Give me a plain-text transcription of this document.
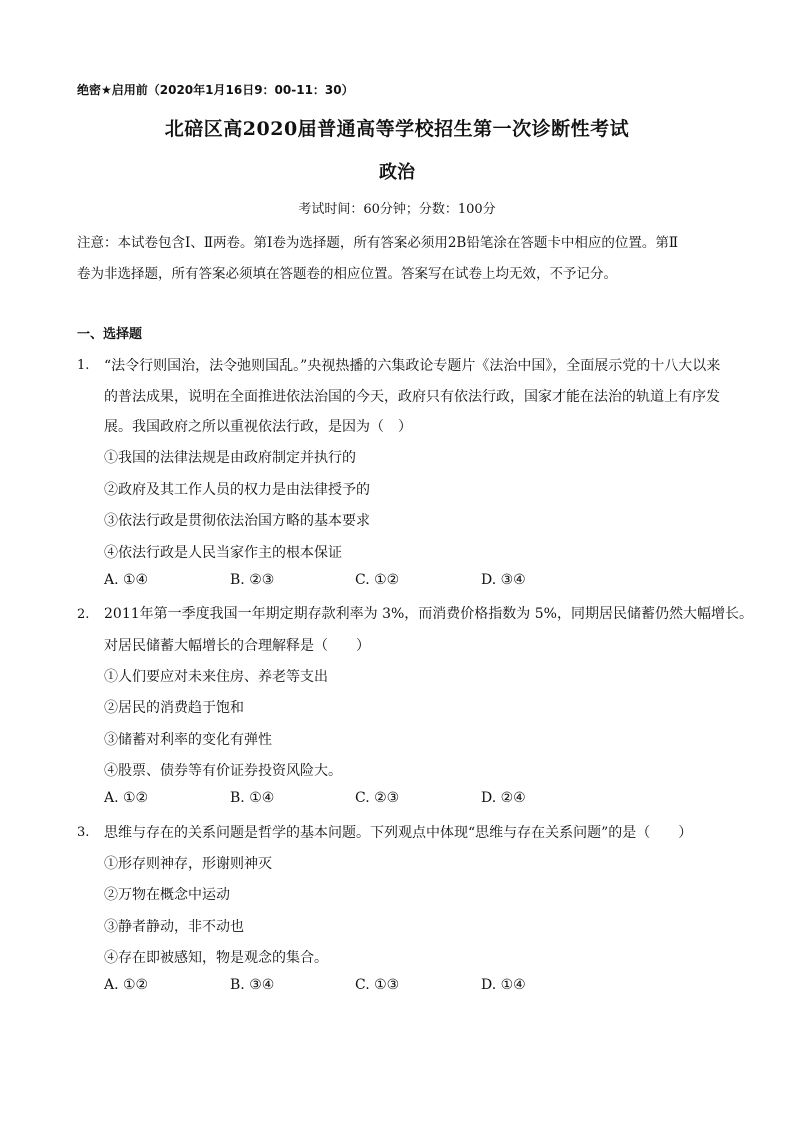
绝密★启用前（2020年1月16日9：00-11：30）
北碚区高2020届普通高等学校招生第一次诊断性考试
政治
考试时间：60分钟；分数：100分
注意：本试卷包含Ⅰ、Ⅱ两卷。第Ⅰ卷为选择题，所有答案必须用2B铅笔涂在答题卡中相应的位置。第Ⅱ
卷为非选择题，所有答案必须填在答题卷的相应位置。答案写在试卷上均无效，不予记分。
一、选择题
1. “法令行则国治，法令弛则国乱。”央视热播的六集政论专题片《法治中国》，全面展示党的十八大以来
的普法成果，说明在全面推进依法治国的今天，政府只有依法行政，国家才能在法治的轨道上有序发
展。我国政府之所以重视依法行政，是因为（　）
①我国的法律法规是由政府制定并执行的
②政府及其工作人员的权力是由法律授予的
③依法行政是贯彻依法治国方略的基本要求
④依法行政是人民当家作主的根本保证
A. ①④	B. ②③	C. ①②	D. ③④
2. 2011年第一季度我国一年期定期存款利率为 3%，而消费价格指数为 5%，同期居民储蓄仍然大幅增长。
对居民储蓄大幅增长的合理解释是（　　）
①人们要应对未来住房、养老等支出
②居民的消费趋于饱和
③储蓄对利率的变化有弹性
④股票、债券等有价证券投资风险大。
A. ①②	B. ①④	C. ②③	D. ②④
3. 思维与存在的关系问题是哲学的基本问题。下列观点中体现“思维与存在关系问题”的是（　　）
①形存则神存，形谢则神灭
②万物在概念中运动
③静者静动，非不动也
④存在即被感知，物是观念的集合。
A. ①②	B. ③④	C. ①③	D. ①④
